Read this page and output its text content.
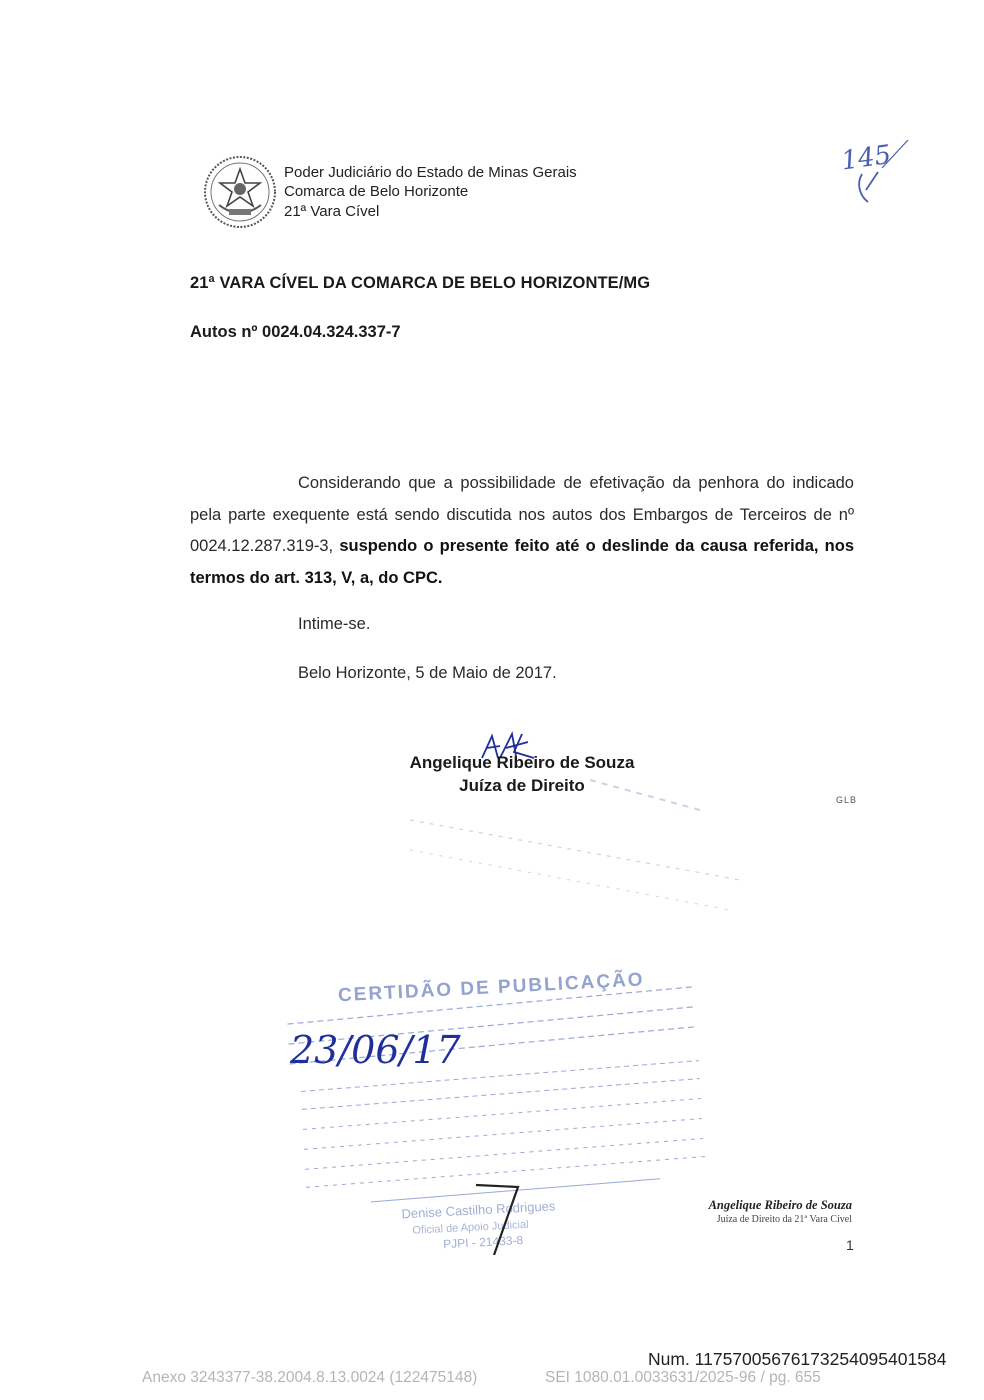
Poder Judiciário do Estado de Minas Gerais
Comarca de Belo Horizonte
21ª Vara Cível
145
21ª VARA CÍVEL DA COMARCA DE BELO HORIZONTE/MG
Autos nº 0024.04.324.337-7
Considerando que a possibilidade de efetivação da penhora do indicado pela parte exequente está sendo discutida nos autos dos Embargos de Terceiros de nº 0024.12.287.319-3, suspendo o presente feito até o deslinde da causa referida, nos termos do art. 313, V, a, do CPC.
Intime-se.
Belo Horizonte, 5 de Maio de 2017.
Angelique Ribeiro de Souza
Juíza de Direito
GLB
CERTIDÃO DE PUBLICAÇÃO
Denise Castilho Rodrigues
Oficial de Apoio Judicial
PJPI - 21433-8
23/06/17
Angelique Ribeiro de Souza
Juíza de Direito da 21ª Vara Cível
1
Num. 11757005676173254095401584
Anexo 3243377-38.2004.8.13.0024 (122475148)	SEI 1080.01.0033631/2025-96 / pg. 655
